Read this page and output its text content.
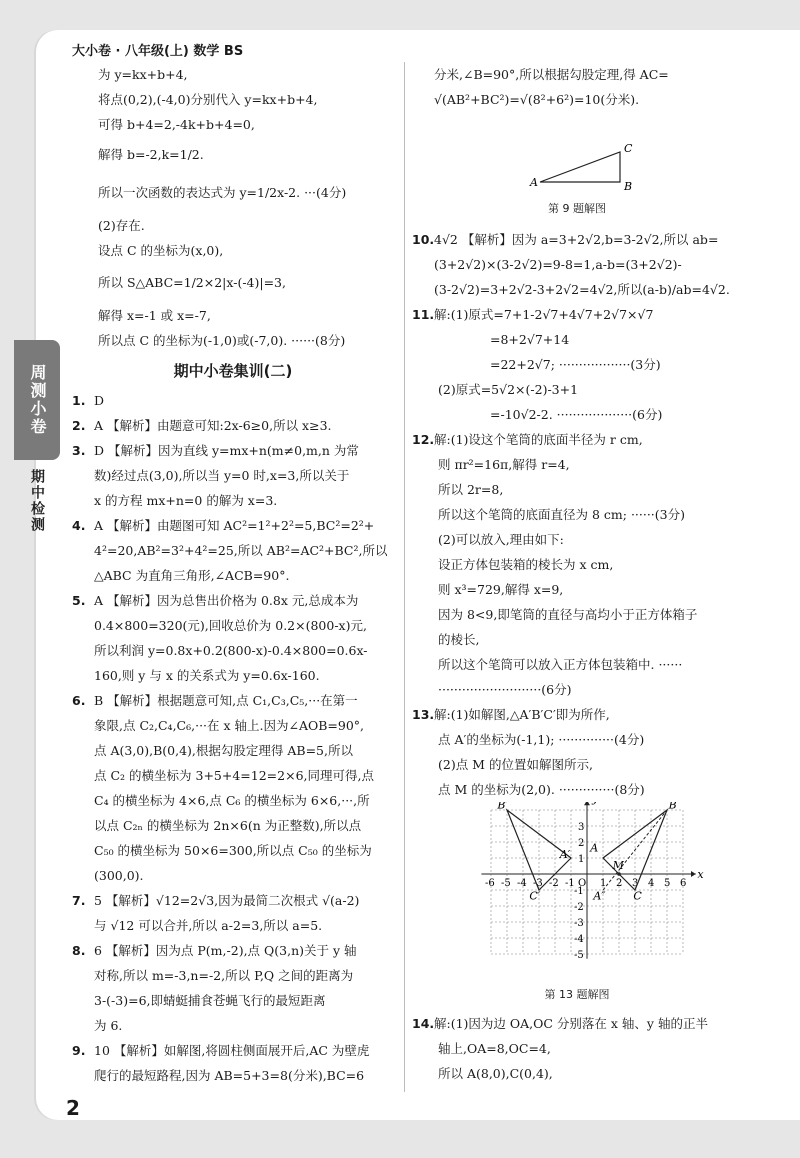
大小卷 · 八年级(上) 数学 BS
周测小卷
期中检测
2
为 y=kx+b+4,
将点(0,2),(-4,0)分别代入 y=kx+b+4,
可得 b+4=2,-4k+b+4=0,
解得 b=-2,k=1/2.
所以一次函数的表达式为 y=1/2x-2. ···(4分)
(2)存在.
设点 C 的坐标为(x,0),
所以 S△ABC=1/2×2|x-(-4)|=3,
解得 x=-1 或 x=-7,
所以点 C 的坐标为(-1,0)或(-7,0). ······(8分)
期中小卷集训(二)
1. D
2. A 【解析】由题意可知:2x-6≥0,所以 x≥3.
3. D 【解析】因为直线 y=mx+n(m≠0,m,n 为常
数)经过点(3,0),所以当 y=0 时,x=3,所以关于
x 的方程 mx+n=0 的解为 x=3.
4. A 【解析】由题图可知 AC²=1²+2²=5,BC²=2²+
4²=20,AB²=3²+4²=25,所以 AB²=AC²+BC²,所以
△ABC 为直角三角形,∠ACB=90°.
5. A 【解析】因为总售出价格为 0.8x 元,总成本为
0.4×800=320(元),回收总价为 0.2×(800-x)元,
所以利润 y=0.8x+0.2(800-x)-0.4×800=0.6x-
160,则 y 与 x 的关系式为 y=0.6x-160.
6. B 【解析】根据题意可知,点 C₁,C₃,C₅,···在第一
象限,点 C₂,C₄,C₆,···在 x 轴上.因为∠AOB=90°,
点 A(3,0),B(0,4),根据勾股定理得 AB=5,所以
点 C₂ 的横坐标为 3+5+4=12=2×6,同理可得,点
C₄ 的横坐标为 4×6,点 C₆ 的横坐标为 6×6,···,所
以点 C₂ₙ 的横坐标为 2n×6(n 为正整数),所以点
C₅₀ 的横坐标为 50×6=300,所以点 C₅₀ 的坐标为
(300,0).
7. 5 【解析】√12=2√3,因为最简二次根式 √(a-2)
与 √12 可以合并,所以 a-2=3,所以 a=5.
8. 6 【解析】因为点 P(m,-2),点 Q(3,n)关于 y 轴
对称,所以 m=-3,n=-2,所以 P,Q 之间的距离为
3-(-3)=6,即蜻蜓捕食苍蝇飞行的最短距离
为 6.
9. 10 【解析】如解图,将圆柱侧面展开后,AC 为壁虎
爬行的最短路程,因为 AB=5+3=8(分米),BC=6
分米,∠B=90°,所以根据勾股定理,得 AC=
√(AB²+BC²)=√(8²+6²)=10(分米).
A	B
C
第 9 题解图
10.4√2 【解析】因为 a=3+2√2,b=3-2√2,所以 ab=
(3+2√2)×(3-2√2)=9-8=1,a-b=(3+2√2)-
(3-2√2)=3+2√2-3+2√2=4√2,所以(a-b)/ab=4√2.
11.解:(1)原式=7+1-2√7+4√7+2√7×√7
=8+2√7+14
=22+2√7; ··················(3分)
(2)原式=5√2×(-2)-3+1
=-10√2-2. ···················(6分)
12.解:(1)设这个笔筒的底面半径为 r cm,
则 πr²=16π,解得 r=4,
所以 2r=8,
所以这个笔筒的底面直径为 8 cm; ······(3分)
(2)可以放入,理由如下:
设正方体包装箱的棱长为 x cm,
则 x³=729,解得 x=9,
因为 8<9,即笔筒的直径与高均小于正方体箱子
的棱长,
所以这个笔筒可以放入正方体包装箱中. ······
··························(6分)
13.解:(1)如解图,△A′B′C′即为所作,
点 A′的坐标为(-1,1); ··············(4分)
(2)点 M 的位置如解图所示,
点 M 的坐标为(2,0). ··············(8分)
-6 -5 -4 -3 -2 -1 O 1 2 3 4 5 6
3
2
1
-1
-2
-3
-4
-5
x
B′
A′
C′
B
A
C
M
A″
第 13 题解图
14.解:(1)因为边 OA,OC 分别落在 x 轴、y 轴的正半
轴上,OA=8,OC=4,
所以 A(8,0),C(0,4),
